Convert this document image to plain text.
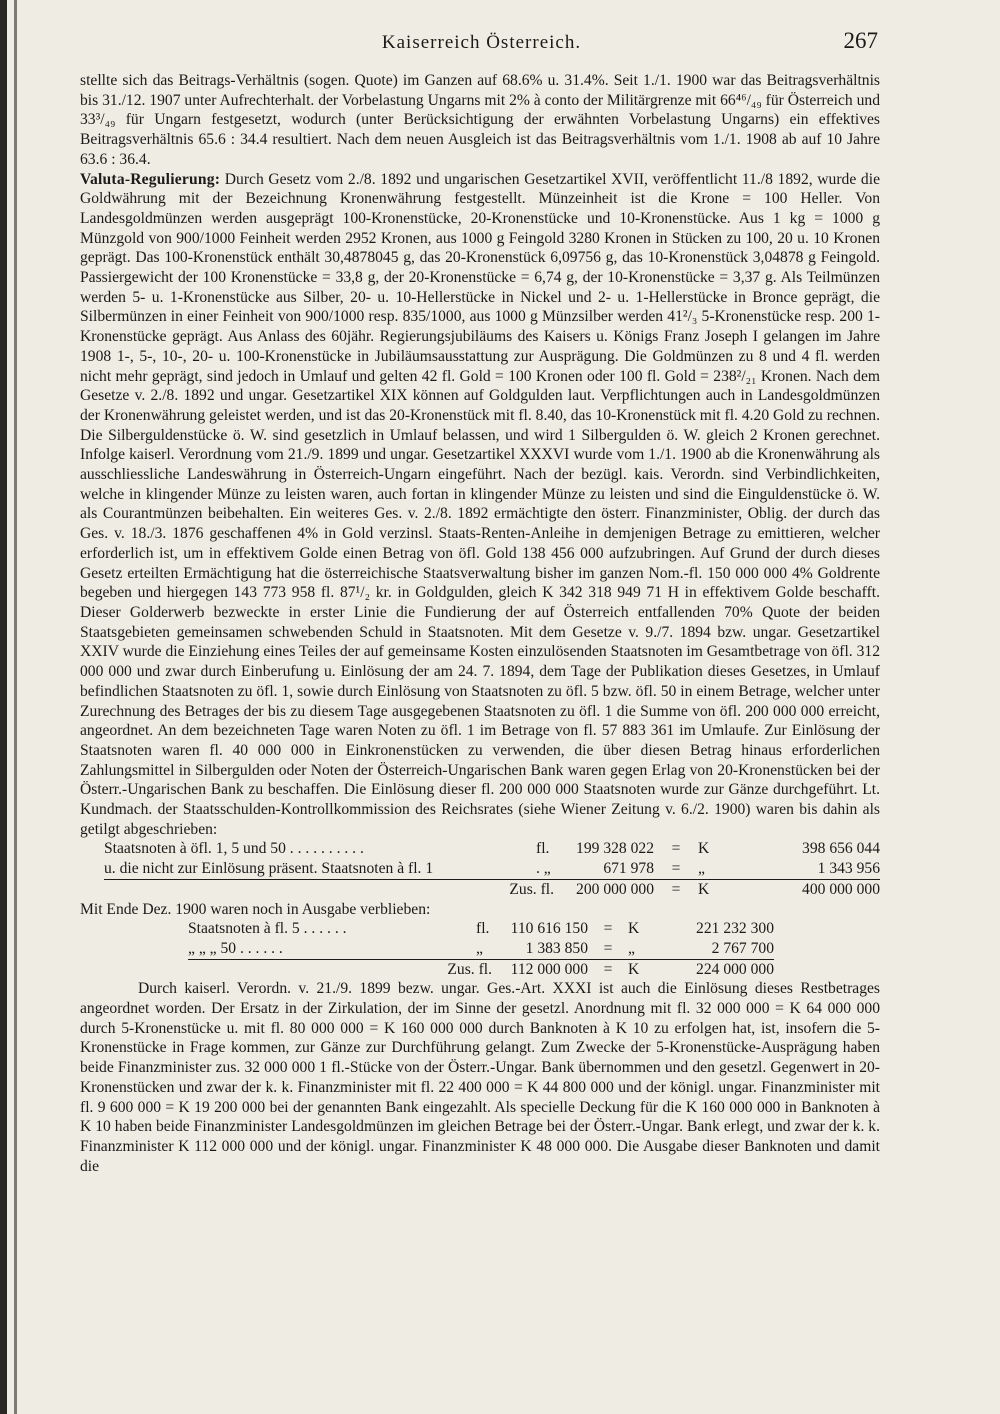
Kaiserreich Österreich.	267

stellte sich das Beitrags-Verhältnis (sogen. Quote) im Ganzen auf 68.6% u. 31.4%. Seit 1./1. 1900 war das Beitragsverhältnis bis 31./12. 1907 unter Aufrechterhalt. der Vorbelastung Ungarns mit 2% à conto der Militärgrenze mit 66⁴⁶/₄₉ für Österreich und 33³/₄₉ für Ungarn festgesetzt, wodurch (unter Berücksichtigung der erwähnten Vorbelastung Ungarns) ein effektives Beitragsverhältnis 65.6 : 34.4 resultiert. Nach dem neuen Ausgleich ist das Beitragsverhältnis vom 1./1. 1908 ab auf 10 Jahre 63.6 : 36.4.

Valuta-Regulierung: Durch Gesetz vom 2./8. 1892 und ungarischen Gesetzartikel XVII, veröffentlicht 11./8 1892, wurde die Goldwährung mit der Bezeichnung Kronenwährung festgestellt. Münzeinheit ist die Krone = 100 Heller. Von Landesgoldmünzen werden ausgeprägt 100-Kronenstücke, 20-Kronenstücke und 10-Kronenstücke. Aus 1 kg = 1000 g Münzgold von 900/1000 Feinheit werden 2952 Kronen, aus 1000 g Feingold 3280 Kronen in Stücken zu 100, 20 u. 10 Kronen geprägt. Das 100-Kronenstück enthält 30,4878045 g, das 20-Kronenstück 6,09756 g, das 10-Kronenstück 3,04878 g Feingold. Passiergewicht der 100 Kronenstücke = 33,8 g, der 20-Kronenstücke = 6,74 g, der 10-Kronenstücke = 3,37 g. Als Teilmünzen werden 5- u. 1-Kronenstücke aus Silber, 20- u. 10-Hellerstücke in Nickel und 2- u. 1-Hellerstücke in Bronce geprägt, die Silbermünzen in einer Feinheit von 900/1000 resp. 835/1000, aus 1000 g Münzsilber werden 41²/₃ 5-Kronenstücke resp. 200 1-Kronenstücke geprägt. Aus Anlass des 60jähr. Regierungsjubiläums des Kaisers u. Königs Franz Joseph I gelangen im Jahre 1908 1-, 5-, 10-, 20- u. 100-Kronenstücke in Jubiläumsausstattung zur Ausprägung. Die Goldmünzen zu 8 und 4 fl. werden nicht mehr geprägt, sind jedoch in Umlauf und gelten 42 fl. Gold = 100 Kronen oder 100 fl. Gold = 238²/₂₁ Kronen. Nach dem Gesetze v. 2./8. 1892 und ungar. Gesetzartikel XIX können auf Goldgulden laut. Verpflichtungen auch in Landesgoldmünzen der Kronenwährung geleistet werden, und ist das 20-Kronenstück mit fl. 8.40, das 10-Kronenstück mit fl. 4.20 Gold zu rechnen. Die Silberguldenstücke ö. W. sind gesetzlich in Umlauf belassen, und wird 1 Silbergulden ö. W. gleich 2 Kronen gerechnet. Infolge kaiserl. Verordnung vom 21./9. 1899 und ungar. Gesetzartikel XXXVI wurde vom 1./1. 1900 ab die Kronenwährung als ausschliessliche Landeswährung in Österreich-Ungarn eingeführt. Nach der bezügl. kais. Verordn. sind Verbindlichkeiten, welche in klingender Münze zu leisten waren, auch fortan in klingender Münze zu leisten und sind die Einguldenstücke ö. W. als Courantmünzen beibehalten. Ein weiteres Ges. v. 2./8. 1892 ermächtigte den österr. Finanzminister, Oblig. der durch das Ges. v. 18./3. 1876 geschaffenen 4% in Gold verzinsl. Staats-Renten-Anleihe in demjenigen Betrage zu emittieren, welcher erforderlich ist, um in effektivem Golde einen Betrag von öfl. Gold 138 456 000 aufzubringen. Auf Grund der durch dieses Gesetz erteilten Ermächtigung hat die österreichische Staatsverwaltung bisher im ganzen Nom.-fl. 150 000 000 4% Goldrente begeben und hiergegen 143 773 958 fl. 87¹/₂ kr. in Goldgulden, gleich K 342 318 949 71 H in effektivem Golde beschafft. Dieser Golderwerb bezweckte in erster Linie die Fundierung der auf Österreich entfallenden 70% Quote der beiden Staatsgebieten gemeinsamen schwebenden Schuld in Staatsnoten. Mit dem Gesetze v. 9./7. 1894 bzw. ungar. Gesetzartikel XXIV wurde die Einziehung eines Teiles der auf gemeinsame Kosten einzulösenden Staatsnoten im Gesamtbetrage von öfl. 312 000 000 und zwar durch Einberufung u. Einlösung der am 24. 7. 1894, dem Tage der Publikation dieses Gesetzes, in Umlauf befindlichen Staatsnoten zu öfl. 1, sowie durch Einlösung von Staatsnoten zu öfl. 5 bzw. öfl. 50 in einem Betrage, welcher unter Zurechnung des Betrages der bis zu diesem Tage ausgegebenen Staatsnoten zu öfl. 1 die Summe von öfl. 200 000 000 erreicht, angeordnet. An dem bezeichneten Tage waren Noten zu öfl. 1 im Betrage von fl. 57 883 361 im Umlaufe. Zur Einlösung der Staatsnoten waren fl. 40 000 000 in Einkronenstücken zu verwenden, die über diesen Betrag hinaus erforderlichen Zahlungsmittel in Silbergulden oder Noten der Österreich-Ungarischen Bank waren gegen Erlag von 20-Kronenstücken bei der Österr.-Ungarischen Bank zu beschaffen. Die Einlösung dieser fl. 200 000 000 Staatsnoten wurde zur Gänze durchgeführt. Lt. Kundmach. der Staatsschulden-Kontrollkommission des Reichsrates (siehe Wiener Zeitung v. 6./2. 1900) waren bis dahin als getilgt abgeschrieben:

Staatsnoten à öfl. 1, 5 und 50 . . . . . . . . . .	fl.	199 328 022	=	K	398 656 044
u. die nicht zur Einlösung präsent. Staatsnoten à fl. 1	. „	671 978	=	„	1 343 956
Zus. fl.		200 000 000	=	K	400 000 000

Mit Ende Dez. 1900 waren noch in Ausgabe verblieben:

Staatsnoten à fl. 5 . . . . . .	fl.	110 616 150	=	K	221 232 300
„ „ „ 50 . . . . . .	„	1 383 850	=	„	2 767 700
Zus. fl.		112 000 000	=	K	224 000 000

Durch kaiserl. Verordn. v. 21./9. 1899 bezw. ungar. Ges.-Art. XXXI ist auch die Einlösung dieses Restbetrages angeordnet worden. Der Ersatz in der Zirkulation, der im Sinne der gesetzl. Anordnung mit fl. 32 000 000 = K 64 000 000 durch 5-Kronenstücke u. mit fl. 80 000 000 = K 160 000 000 durch Banknoten à K 10 zu erfolgen hat, ist, insofern die 5-Kronenstücke in Frage kommen, zur Gänze zur Durchführung gelangt. Zum Zwecke der 5-Kronenstücke-Ausprägung haben beide Finanzminister zus. 32 000 000 1 fl.-Stücke von der Österr.-Ungar. Bank übernommen und den gesetzl. Gegenwert in 20-Kronenstücken und zwar der k. k. Finanzminister mit fl. 22 400 000 = K 44 800 000 und der königl. ungar. Finanzminister mit fl. 9 600 000 = K 19 200 000 bei der genannten Bank eingezahlt. Als specielle Deckung für die K 160 000 000 in Banknoten à K 10 haben beide Finanzminister Landesgoldmünzen im gleichen Betrage bei der Österr.-Ungar. Bank erlegt, und zwar der k. k. Finanzminister K 112 000 000 und der königl. ungar. Finanzminister K 48 000 000. Die Ausgabe dieser Banknoten und damit die
